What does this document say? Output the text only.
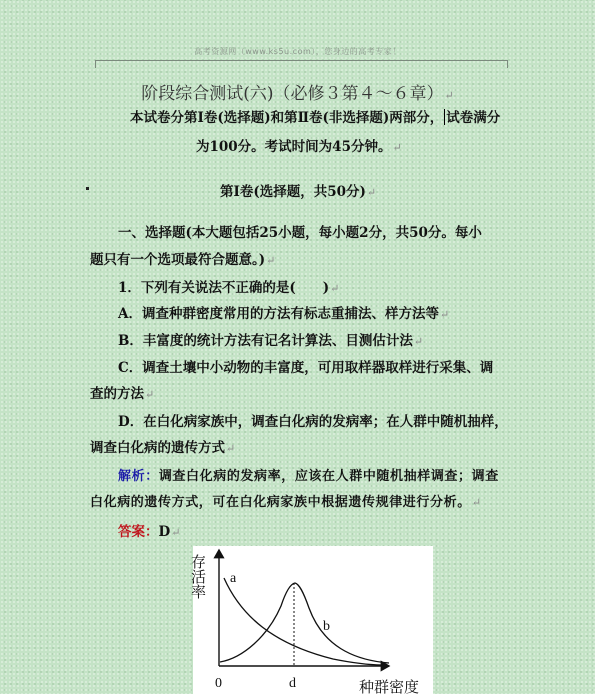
高考资源网（www.ks5u.com），您身边的高考专家！
阶段综合测试(六)（必修３第４～６章）↵
本试卷分第Ⅰ卷(选择题)和第Ⅱ卷(非选择题)两部分， 试卷满分
为100分。考试时间为45分钟。↵
第Ⅰ卷(选择题，共50分)↵
一、选择题(本大题包括25小题，每小题2分，共50分。每小
题只有一个选项最符合题意。)↵
1．下列有关说法不正确的是(　　)↵
A．调查种群密度常用的方法有标志重捕法、样方法等↵
B．丰富度的统计方法有记名计算法、目测估计法↵
C．调查土壤中小动物的丰富度，可用取样器取样进行采集、调
查的方法↵
D．在白化病家族中，调查白化病的发病率；在人群中随机抽样，
调查白化病的遗传方式↵
解析：调查白化病的发病率，应该在人群中随机抽样调查；调查
白化病的遗传方式，可在白化病家族中根据遗传规律进行分析。↵
答案：D↵
存活率 a
b
0	d	种群密度
